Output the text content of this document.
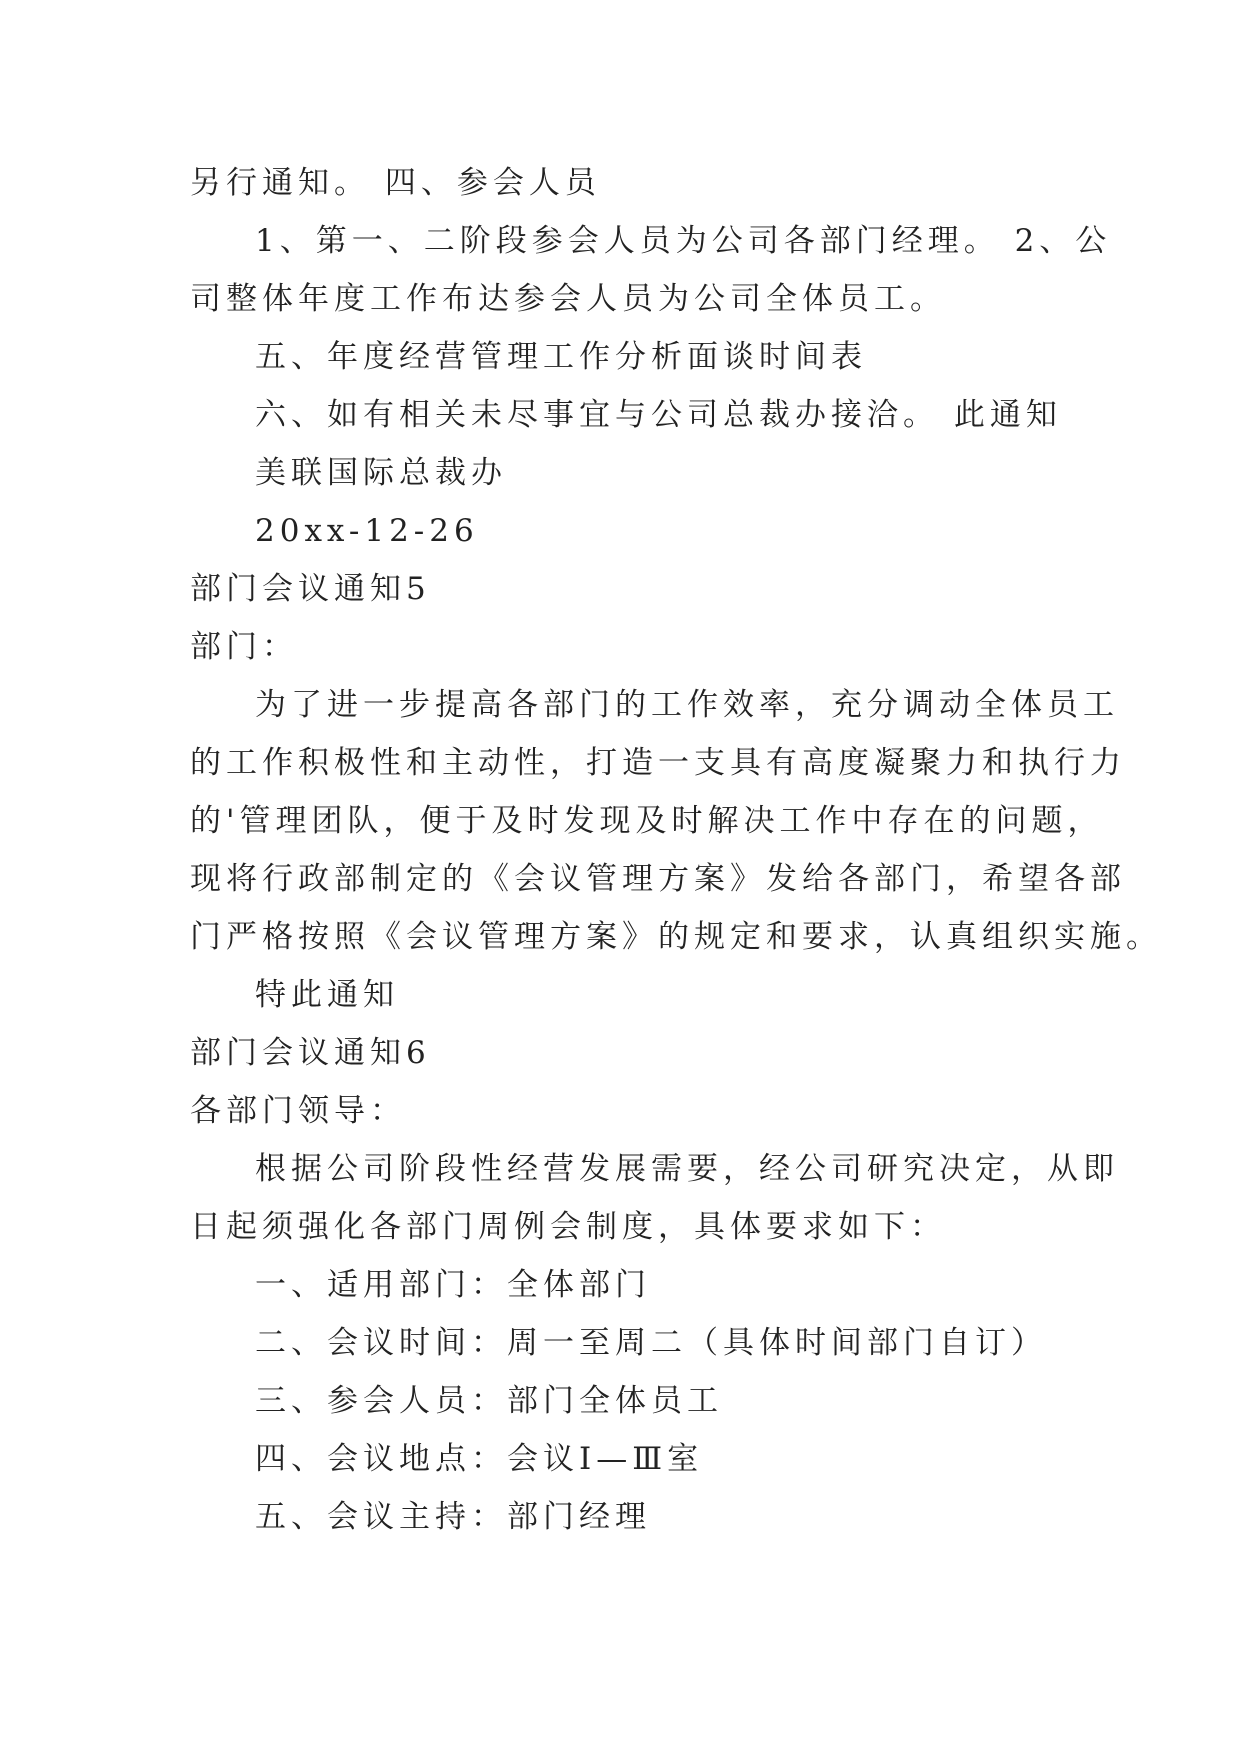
另行通知。 四、参会人员
1、第一、二阶段参会人员为公司各部门经理。 2、公
司整体年度工作布达参会人员为公司全体员工。
五、年度经营管理工作分析面谈时间表
六、如有相关未尽事宜与公司总裁办接洽。 此通知
美联国际总裁办
20xx-12-26
部门会议通知5
部门：
为了进一步提高各部门的工作效率，充分调动全体员工
的工作积极性和主动性，打造一支具有高度凝聚力和执行力
的'管理团队，便于及时发现及时解决工作中存在的问题，
现将行政部制定的《会议管理方案》发给各部门，希望各部
门严格按照《会议管理方案》的规定和要求，认真组织实施。
特此通知
部门会议通知6
各部门领导：
根据公司阶段性经营发展需要，经公司研究决定，从即
日起须强化各部门周例会制度，具体要求如下：
一、适用部门：全体部门
二、会议时间：周一至周二（具体时间部门自订）
三、参会人员：部门全体员工
四、会议地点：会议Ⅰ—Ⅲ室
五、会议主持：部门经理
